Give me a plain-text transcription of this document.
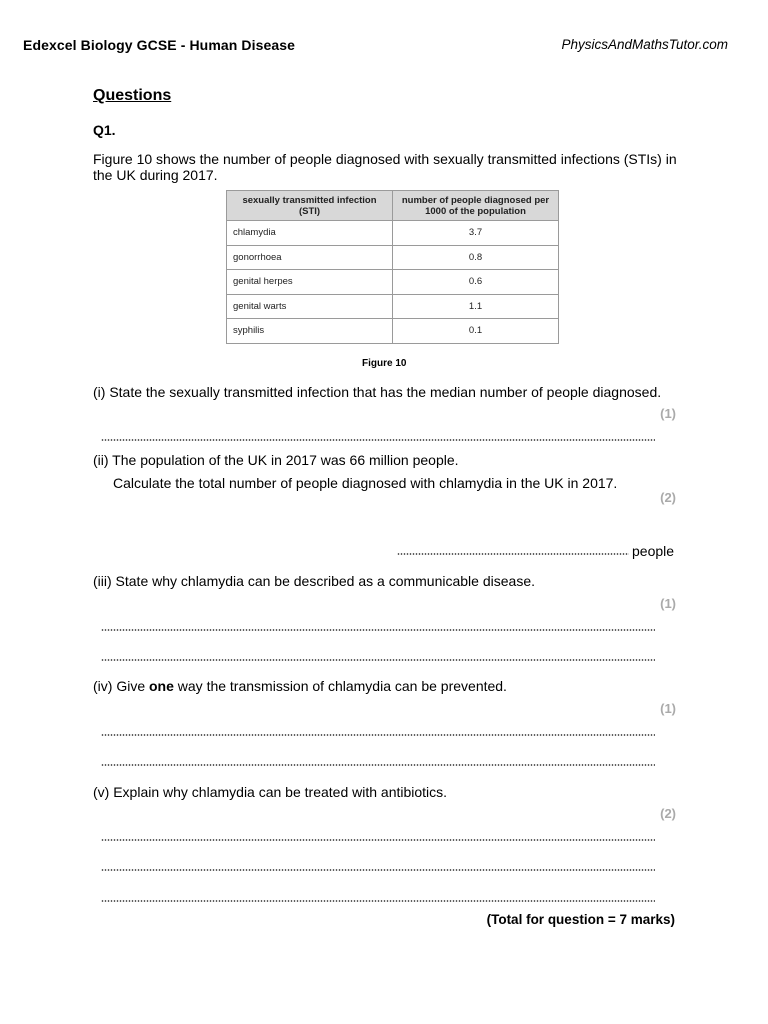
Edexcel Biology GCSE - Human Disease	PhysicsAndMathsTutor.com
Questions
Q1.
Figure 10 shows the number of people diagnosed with sexually transmitted infections (STIs) in the UK during 2017.
sexually transmitted infection (STI)	number of people diagnosed per 1000 of the population
chlamydia	3.7
gonorrhoea	0.8
genital herpes	0.6
genital warts	1.1
syphilis	0.1
Figure 10
(i) State the sexually transmitted infection that has the median number of people diagnosed.
(1)
(ii) The population of the UK in 2017 was 66 million people.
Calculate the total number of people diagnosed with chlamydia in the UK in 2017.
(2)
people
(iii) State why chlamydia can be described as a communicable disease.
(1)
(iv) Give one way the transmission of chlamydia can be prevented.
(1)
(v) Explain why chlamydia can be treated with antibiotics.
(2)
(Total for question = 7 marks)
